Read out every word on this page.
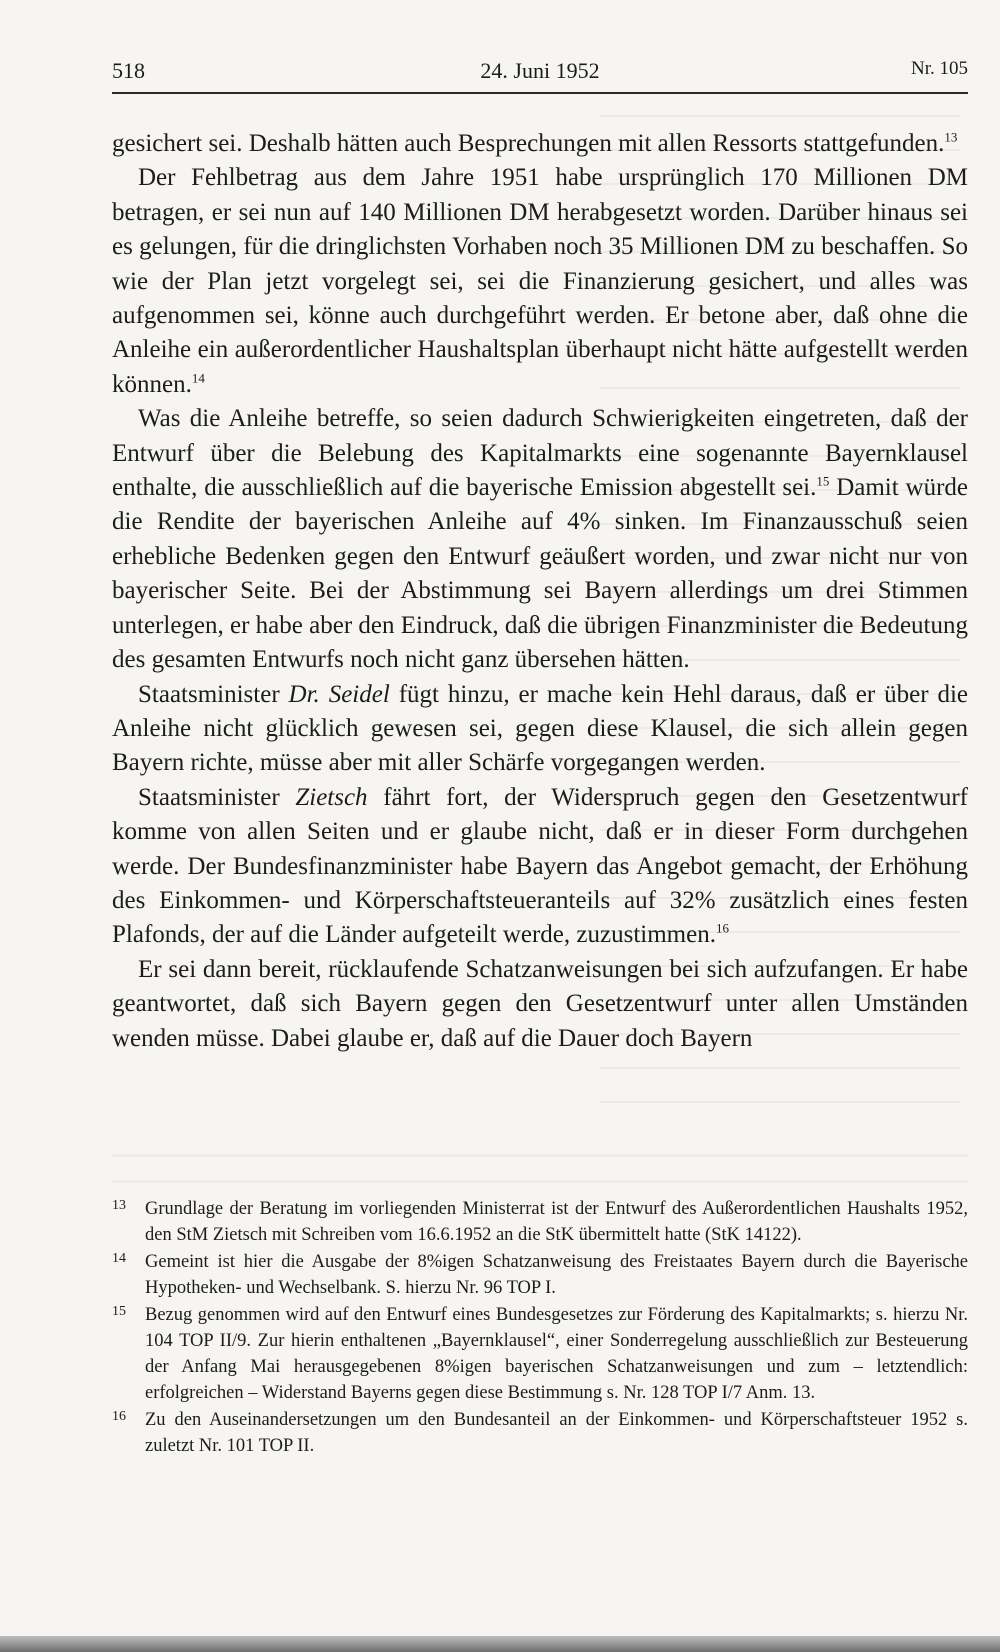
518	24. Juni 1952	Nr. 105

gesichert sei. Deshalb hätten auch Besprechungen mit allen Ressorts stattgefunden.$^{13}$

Der Fehlbetrag aus dem Jahre 1951 habe ursprünglich 170 Millionen DM betragen, er sei nun auf 140 Millionen DM herabgesetzt worden. Darüber hinaus sei es gelungen, für die dringlichsten Vorhaben noch 35 Millionen DM zu beschaffen. So wie der Plan jetzt vorgelegt sei, sei die Finanzierung gesichert, und alles was aufgenommen sei, könne auch durchgeführt werden. Er betone aber, daß ohne die Anleihe ein außerordentlicher Haushaltsplan überhaupt nicht hätte aufgestellt werden können.$^{14}$

Was die Anleihe betreffe, so seien dadurch Schwierigkeiten eingetreten, daß der Entwurf über die Belebung des Kapitalmarkts eine sogenannte Bayernklausel enthalte, die ausschließlich auf die bayerische Emission abgestellt sei.$^{15}$ Damit würde die Rendite der bayerischen Anleihe auf 4% sinken. Im Finanzausschuß seien erhebliche Bedenken gegen den Entwurf geäußert worden, und zwar nicht nur von bayerischer Seite. Bei der Abstimmung sei Bayern allerdings um drei Stimmen unterlegen, er habe aber den Eindruck, daß die übrigen Finanzminister die Bedeutung des gesamten Entwurfs noch nicht ganz übersehen hätten.

Staatsminister Dr. Seidel fügt hinzu, er mache kein Hehl daraus, daß er über die Anleihe nicht glücklich gewesen sei, gegen diese Klausel, die sich allein gegen Bayern richte, müsse aber mit aller Schärfe vorgegangen werden.

Staatsminister Zietsch fährt fort, der Widerspruch gegen den Gesetzentwurf komme von allen Seiten und er glaube nicht, daß er in dieser Form durchgehen werde. Der Bundesfinanzminister habe Bayern das Angebot gemacht, der Erhöhung des Einkommen- und Körperschaftsteueranteils auf 32% zusätzlich eines festen Plafonds, der auf die Länder aufgeteilt werde, zuzustimmen.$^{16}$

Er sei dann bereit, rücklaufende Schatzanweisungen bei sich aufzufangen. Er habe geantwortet, daß sich Bayern gegen den Gesetzentwurf unter allen Umständen wenden müsse. Dabei glaube er, daß auf die Dauer doch Bayern

13 Grundlage der Beratung im vorliegenden Ministerrat ist der Entwurf des Außerordentlichen Haushalts 1952, den StM Zietsch mit Schreiben vom 16.6.1952 an die StK übermittelt hatte (StK 14122).
14 Gemeint ist hier die Ausgabe der 8%igen Schatzanweisung des Freistaates Bayern durch die Bayerische Hypotheken- und Wechselbank. S. hierzu Nr. 96 TOP I.
15 Bezug genommen wird auf den Entwurf eines Bundesgesetzes zur Förderung des Kapitalmarkts; s. hierzu Nr. 104 TOP II/9. Zur hierin enthaltenen „Bayernklausel“, einer Sonderregelung ausschließlich zur Besteuerung der Anfang Mai herausgegebenen 8%igen bayerischen Schatzanweisungen und zum – letztendlich: erfolgreichen – Widerstand Bayerns gegen diese Bestimmung s. Nr. 128 TOP I/7 Anm. 13.
16 Zu den Auseinandersetzungen um den Bundesanteil an der Einkommen- und Körperschaftsteuer 1952 s. zuletzt Nr. 101 TOP II.
